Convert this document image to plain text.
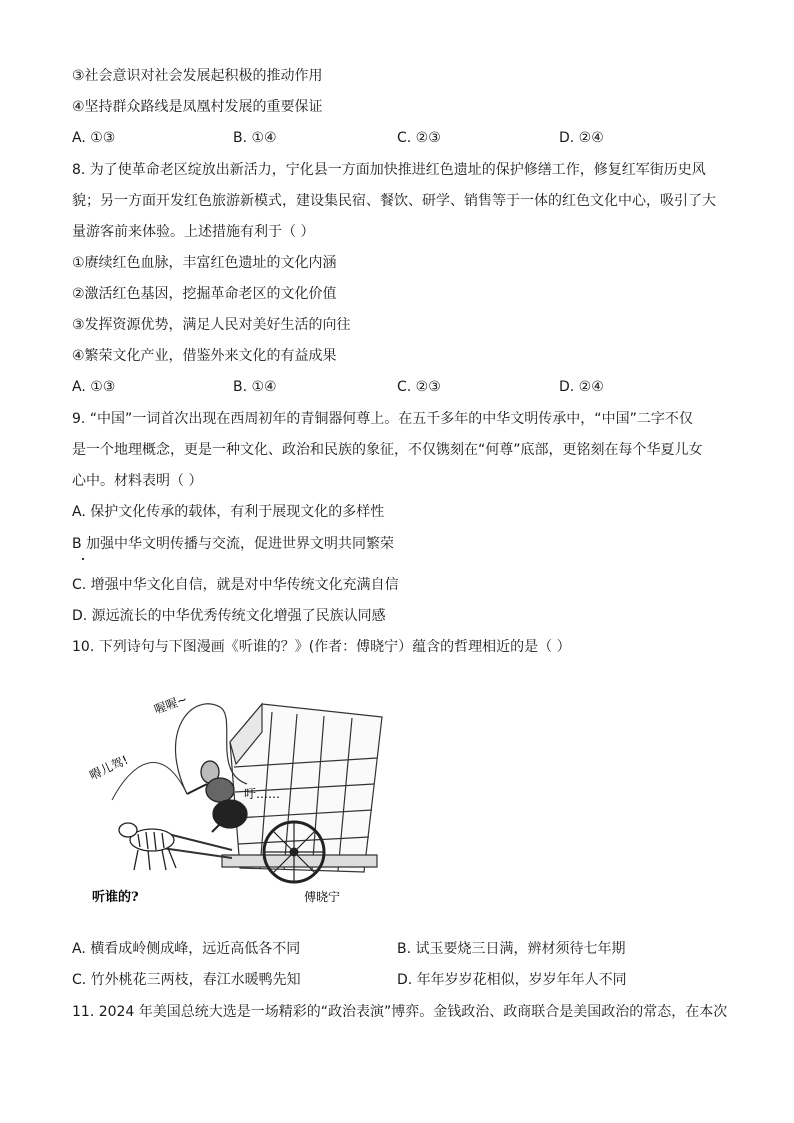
③社会意识对社会发展起积极的推动作用
④坚持群众路线是凤凰村发展的重要保证
A. ①③	B. ①④	C. ②③	D. ②④
8. 为了使革命老区绽放出新活力，宁化县一方面加快推进红色遗址的保护修缮工作，修复红军街历史风
貌；另一方面开发红色旅游新模式，建设集民宿、餐饮、研学、销售等于一体的红色文化中心，吸引了大
量游客前来体验。上述措施有利于（ ）
①赓续红色血脉，丰富红色遗址的文化内涵
②激活红色基因，挖掘革命老区的文化价值
③发挥资源优势，满足人民对美好生活的向往
④繁荣文化产业，借鉴外来文化的有益成果
A. ①③	B. ①④	C. ②③	D. ②④
9. “中国”一词首次出现在西周初年的青铜器何尊上。在五千多年的中华文明传承中，“中国”二字不仅
是一个地理概念，更是一种文化、政治和民族的象征，不仅镌刻在“何尊”底部，更铭刻在每个华夏儿女
心中。材料表明（ ）
A. 保护文化传承的载体，有利于展现文化的多样性
B 加强中华文明传播与交流，促进世界文明共同繁荣
C. 增强中华文化自信，就是对中华传统文化充满自信
D. 源远流长的中华优秀传统文化增强了民族认同感
10. 下列诗句与下图漫画《听谁的？》(作者：傅晓宁）蕴含的哲理相近的是（ ）
喔喔~
嘚儿驾!
吁……
听谁的?	傅晓宁
A. 横看成岭侧成峰，远近高低各不同	B. 试玉要烧三日满，辨材须待七年期
C. 竹外桃花三两枝，春江水暖鸭先知	D. 年年岁岁花相似，岁岁年年人不同
11. 2024 年美国总统大选是一场精彩的“政治表演”博弈。金钱政治、政商联合是美国政治的常态，在本次
